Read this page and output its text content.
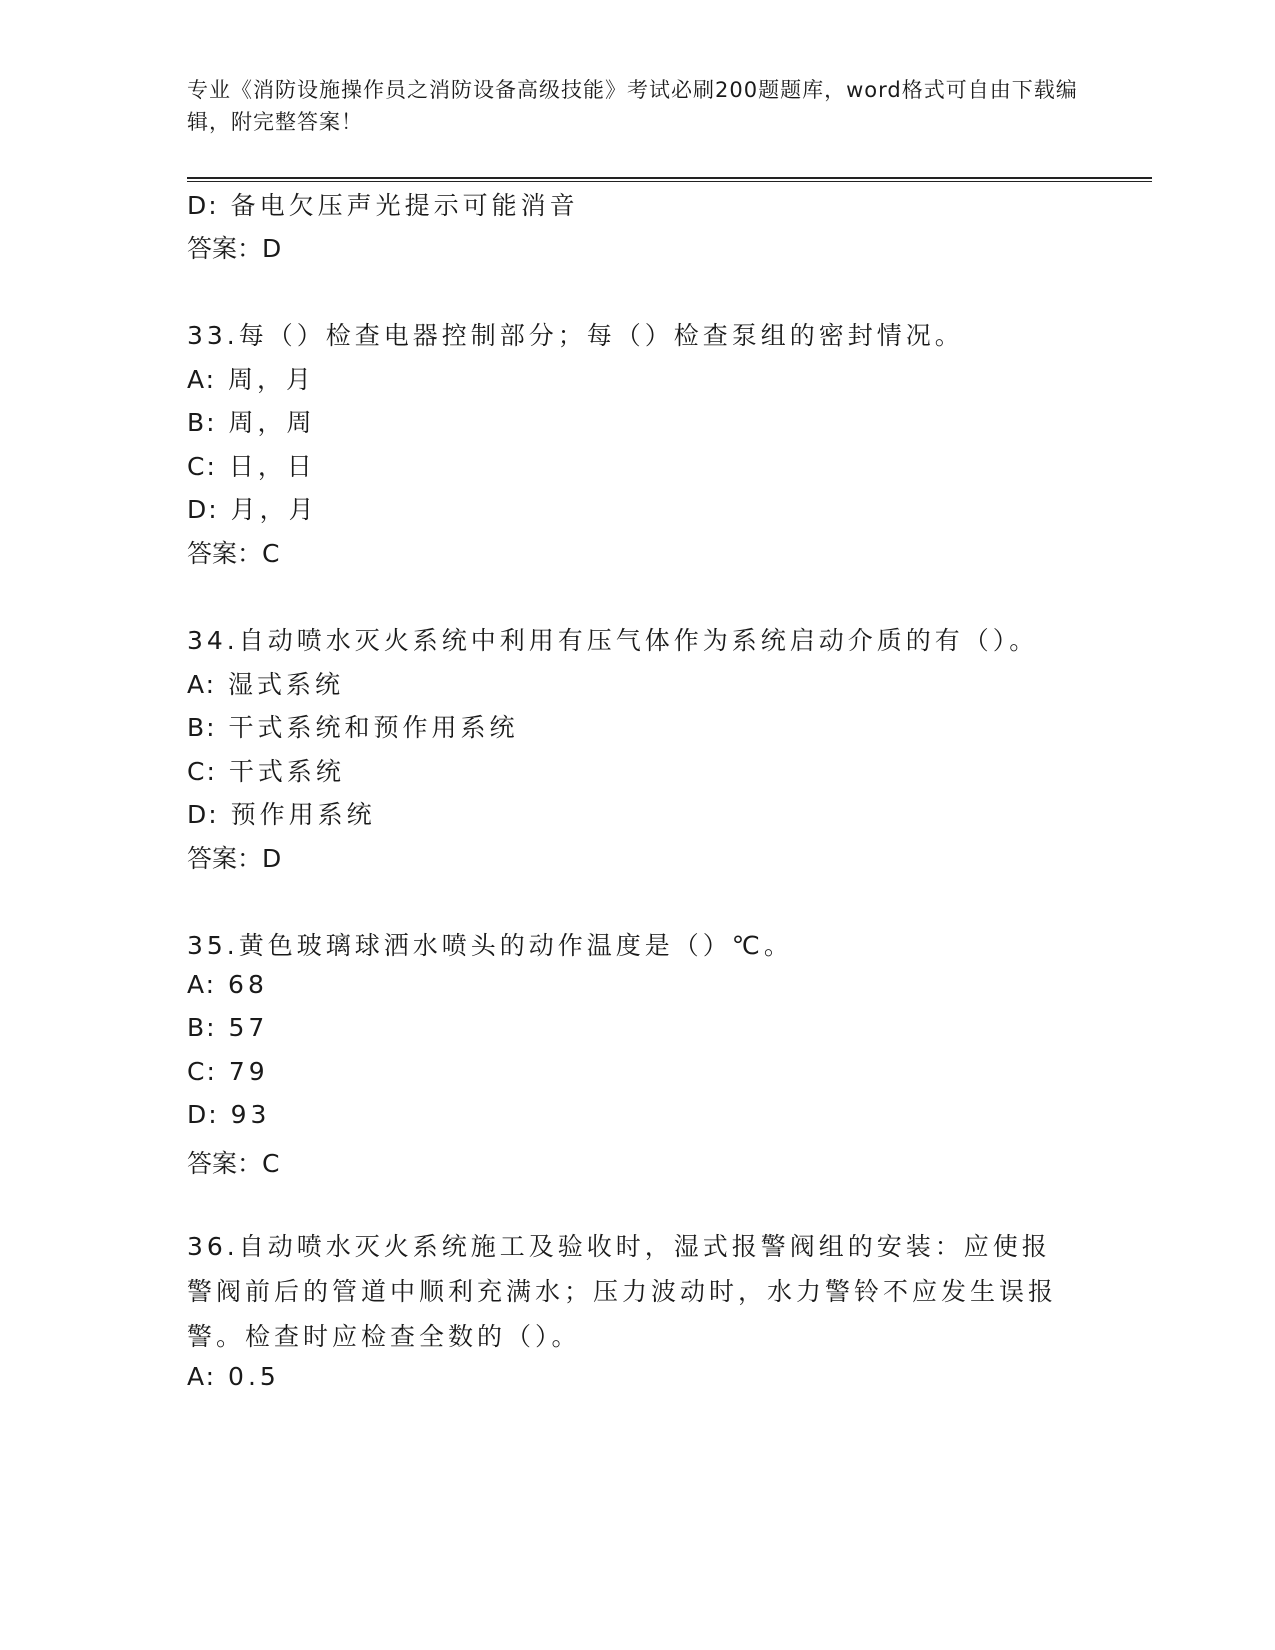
专业《消防设施操作员之消防设备高级技能》考试必刷200题题库，word格式可自由下载编辑，附完整答案！
D: 备电欠压声光提示可能消音
答案：D
33.每（）检查电器控制部分；每（）检查泵组的密封情况。
A: 周，月
B: 周，周
C: 日，日
D: 月，月
答案：C
34.自动喷水灭火系统中利用有压气体作为系统启动介质的有（）。
A: 湿式系统
B: 干式系统和预作用系统
C: 干式系统
D: 预作用系统
答案：D
35.黄色玻璃球洒水喷头的动作温度是（）℃。
A: 68
B: 57
C: 79
D: 93
答案：C
36.自动喷水灭火系统施工及验收时，湿式报警阀组的安装：应使报警阀前后的管道中顺利充满水；压力波动时，水力警铃不应发生误报警。检查时应检查全数的（）。
A: 0.5
